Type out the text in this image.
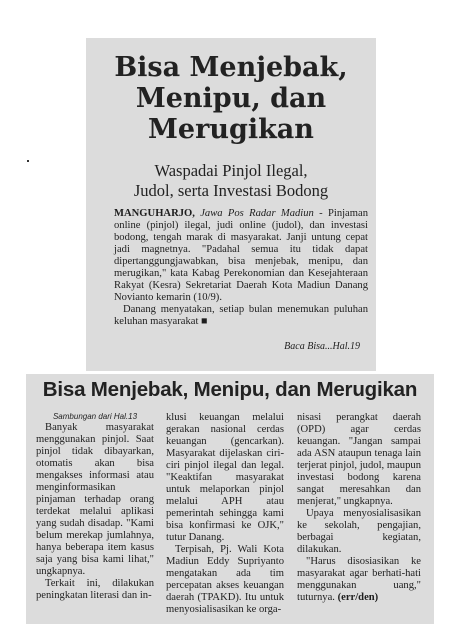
Bisa Menjebak,
Menipu, dan
Merugikan
Waspadai Pinjol Ilegal,
Judol, serta Investasi Bodong

MANGUHARJO, Jawa Pos Radar Madiun - Pinjaman online (pinjol) ilegal, judi online (judol), dan investasi bodong, tengah marak di masyarakat. Janji untung cepat jadi magnetnya. "Padahal semua itu tidak dapat dipertanggungjawabkan, bisa menjebak, menipu, dan merugikan," kata Kabag Perekonomian dan Kesejahteraan Rakyat (Kesra) Sekretariat Daerah Kota Madiun Danang Novianto kemarin (10/9).

Danang menyatakan, setiap bulan menemukan puluhan keluhan masyarakat ■

Baca Bisa...Hal.19
Bisa Menjebak, Menipu, dan Merugikan

Sambungan dari Hal.13

Banyak masyarakat menggunakan pinjol. Saat pinjol tidak dibayarkan, otomatis akan bisa mengakses informasi atau menginformasikan pinjaman terhadap orang terdekat melalui aplikasi yang sudah disadap. "Kami belum merekap jumlahnya, hanya beberapa item kasus saja yang bisa kami lihat," ungkapnya.

Terkait ini, dilakukan peningkatan literasi dan in-

klusi keuangan melalui gerakan nasional cerdas keuangan (gencarkan). Masyarakat dijelaskan ciri-ciri pinjol ilegal dan legal. "Keaktifan masyarakat untuk melaporkan pinjol melalui APH atau pemerintah sehingga kami bisa konfirmasi ke OJK," tutur Danang.

Terpisah, Pj. Wali Kota Madiun Eddy Supriyanto mengatakan ada tim percepatan akses keuangan daerah (TPAKD). Itu untuk menyosialisasikan ke orga-

nisasi perangkat daerah (OPD) agar cerdas keuangan. "Jangan sampai ada ASN ataupun tenaga lain terjerat pinjol, judol, maupun investasi bodong karena sangat meresahkan dan menjerat," ungkapnya.

Upaya menyosialisasikan ke sekolah, pengajian, berbagai kegiatan, dilakukan.

"Harus disosiasikan ke masyarakat agar berhati-hati menggunakan uang," tuturnya. (err/den)
